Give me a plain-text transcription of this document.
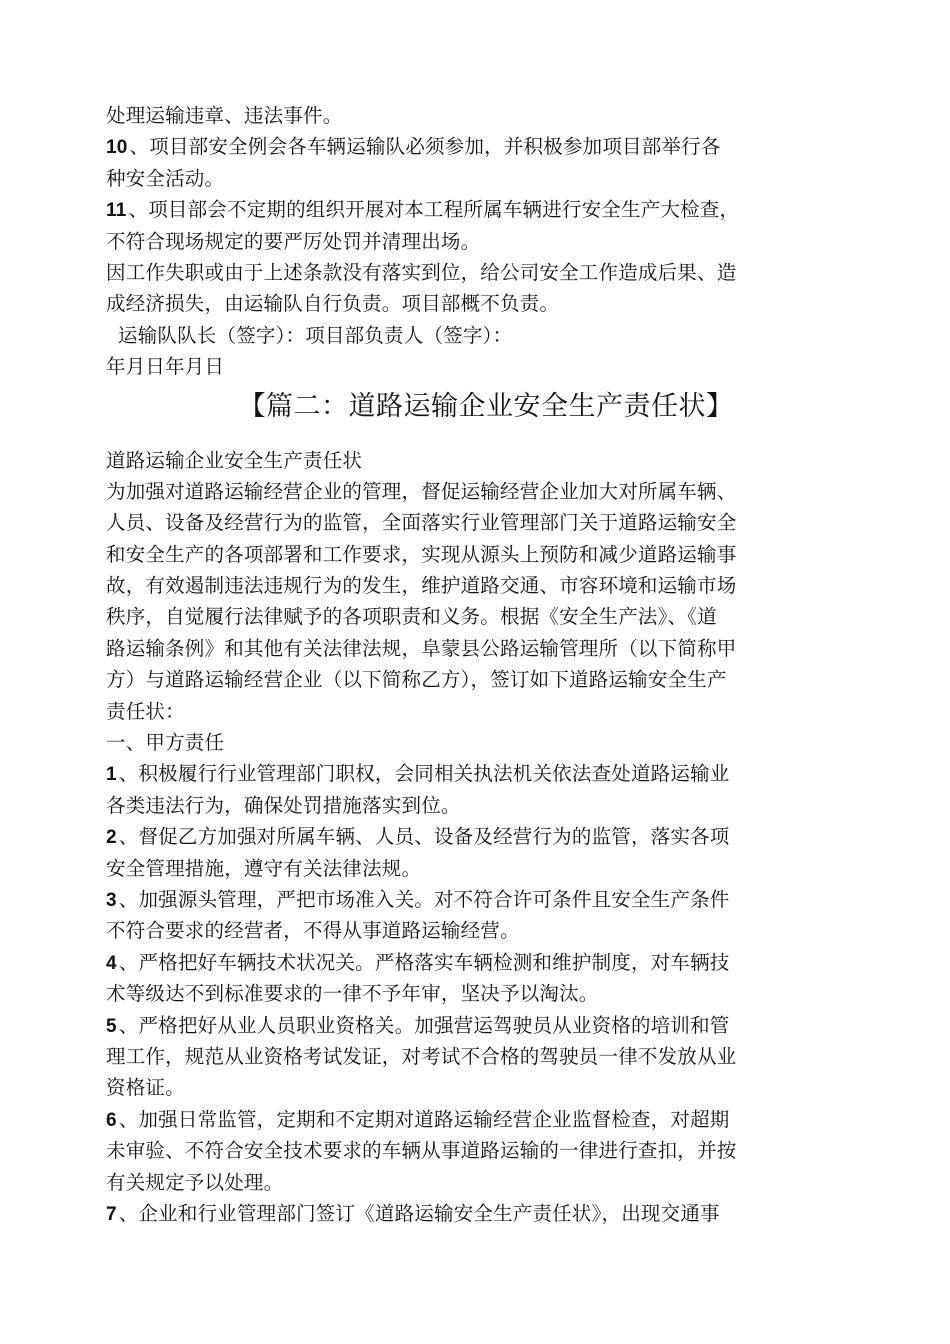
处理运输违章、违法事件。
10 、项目部安全例会各车辆运输队必须参加，并积极参加项目部举行各
种安全活动。
11 、项目部会不定期的组织开展对本工程所属车辆进行安全生产大检查，
不符合现场规定的要严厉处罚并清理出场。
因工作失职或由于上述条款没有落实到位，给公司安全工作造成后果、造
成经济损失，由运输队自行负责。项目部概不负责。
运输队队长（签字）：项目部负责人（签字）：
年月日年月日
【篇二：道路运输企业安全生产责任状】
道路运输企业安全生产责任状
为加强对道路运输经营企业的管理，督促运输经营企业加大对所属车辆、
人员、设备及经营行为的监管，全面落实行业管理部门关于道路运输安全
和安全生产的各项部署和工作要求，实现从源头上预防和减少道路运输事
故，有效遏制违法违规行为的发生，维护道路交通、市容环境和运输市场
秩序，自觉履行法律赋予的各项职责和义务。根据《安全生产法》、《道
路运输条例》和其他有关法律法规，阜蒙县公路运输管理所（以下简称甲
方）与道路运输经营企业（以下简称乙方），签订如下道路运输安全生产
责任状：
一、甲方责任
1 、积极履行行业管理部门职权，会同相关执法机关依法查处道路运输业
各类违法行为，确保处罚措施落实到位。
2 、督促乙方加强对所属车辆、人员、设备及经营行为的监管，落实各项
安全管理措施，遵守有关法律法规。
3 、加强源头管理，严把市场准入关。对不符合许可条件且安全生产条件
不符合要求的经营者，不得从事道路运输经营。
4 、严格把好车辆技术状况关。严格落实车辆检测和维护制度，对车辆技
术等级达不到标准要求的一律不予年审，坚决予以淘汰。
5 、严格把好从业人员职业资格关。加强营运驾驶员从业资格的培训和管
理工作，规范从业资格考试发证，对考试不合格的驾驶员一律不发放从业
资格证。
6 、加强日常监管，定期和不定期对道路运输经营企业监督检查，对超期
未审验、不符合安全技术要求的车辆从事道路运输的一律进行查扣，并按
有关规定予以处理。
7 、企业和行业管理部门签订《道路运输安全生产责任状》，出现交通事
